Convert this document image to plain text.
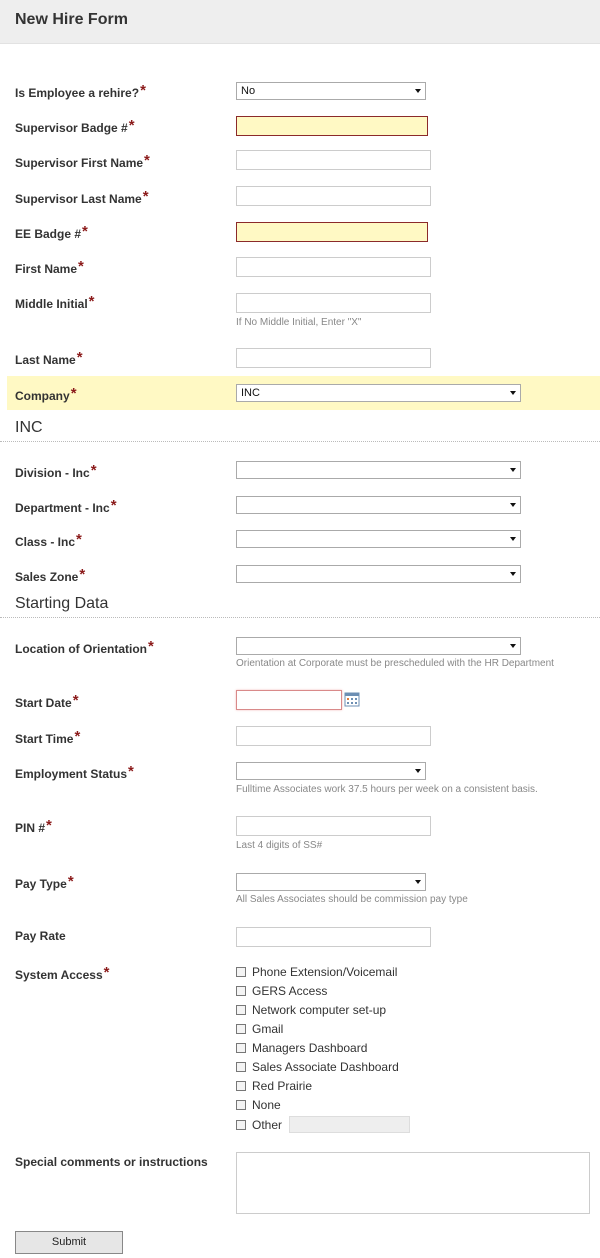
New Hire Form
Is Employee a rehire?*	No
Supervisor Badge #*
Supervisor First Name*
Supervisor Last Name*
EE Badge #*
First Name*
Middle Initial*
If No Middle Initial, Enter "X"
Last Name*
Company*	INC
INC
Division - Inc*
Department - Inc*
Class - Inc*
Sales Zone*
Starting Data
Location of Orientation*
Orientation at Corporate must be prescheduled with the HR Department
Start Date*
Start Time*
Employment Status*
Fulltime Associates work 37.5 hours per week on a consistent basis.
PIN #*
Last 4 digits of SS#
Pay Type*
All Sales Associates should be commission pay type
Pay Rate
System Access*	Phone Extension/Voicemail
GERS Access
Network computer set-up
Gmail
Managers Dashboard
Sales Associate Dashboard
Red Prairie
None
Other
Special comments or instructions
Submit
